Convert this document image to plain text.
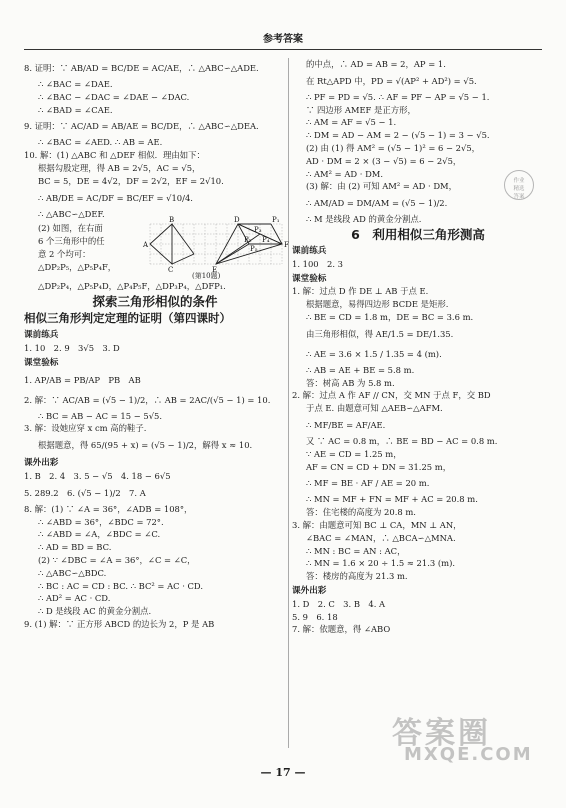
参考答案
8. 证明：∵ AB/AD = BC/DE = AC/AE，∴ △ABC∽△ADE.
∴ ∠BAC = ∠DAE.
∴ ∠BAC − ∠DAC = ∠DAE − ∠DAC.
∴ ∠BAD = ∠CAE.
9. 证明：∵ AC/AD = AB/AE = BC/DE，∴ △ABC∽△DEA.
∴ ∠BAC = ∠AED. ∴ AB = AE.
10. 解：(1) △ABC 和 △DEF 相似．理由如下：
根据勾股定理，得 AB = 2√5，AC = √5，
BC = 5，DE = 4√2，DF = 2√2，EF = 2√10.
∴ AB/DE = AC/DF = BC/EF = √10/4.
∴ △ABC∽△DEF.
(2) 如图，在右面
6 个三角形中的任
意 2 个均可：
△DP₂P₅，△P₅P₄F，
B
A
C
D
E
F
P₁
P₂
P₃
P₄
P₅
(第10题)
△DP₂P₄，△P₅P₄D，△P₄P₅F，△DP₃P₄，△DFP₁.
探索三角形相似的条件
相似三角形判定定理的证明（第四课时）
课前练兵
1. 10　2. 9　3√5　3. D
课堂验标
1. AP/AB = PB/AP　PB　AB
2. 解：∵ AC/AB = (√5 − 1)/2，∴ AB = 2AC/(√5 − 1) = 10.
∴ BC = AB − AC = 15 − 5√5.
3. 解：设她应穿 x cm 高的鞋子.
根据题意，得 65/(95 + x) = (√5 − 1)/2，解得 x ≈ 10.
课外出彩
1. B　2. 4　3. 5 − √5　4. 18 − 6√5
5. 289.2　6. (√5 − 1)/2　7. A
8. 解：(1) ∵ ∠A = 36°，∠ADB = 108°，
∴ ∠ABD = 36°，∠BDC = 72°.
∴ ∠ABD = ∠A，∠BDC = ∠C.
∴ AD = BD = BC.
(2) ∵ ∠DBC = ∠A = 36°，∠C = ∠C，
∴ △ABC∽△BDC.
∴ BC : AC = CD : BC. ∴ BC² = AC · CD.
∴ AD² = AC · CD.
∴ D 是线段 AC 的黄金分割点.
9. (1) 解：∵ 正方形 ABCD 的边长为 2，P 是 AB
的中点，∴ AD = AB = 2，AP = 1.
在 Rt△APD 中，PD = √(AP² + AD²) = √5.
∴ PF = PD = √5. ∴ AF = PF − AP = √5 − 1.
∵ 四边形 AMEF 是正方形，
∴ AM = AF = √5 − 1.
∴ DM = AD − AM = 2 − (√5 − 1) = 3 − √5.
(2) 由 (1) 得 AM² = (√5 − 1)² = 6 − 2√5，
AD · DM = 2 × (3 − √5) = 6 − 2√5，
∴ AM² = AD · DM.
(3) 解：由 (2) 可知 AM² = AD · DM，
∴ AM/AD = DM/AM = (√5 − 1)/2.
∴ M 是线段 AD 的黄金分割点.
6　利用相似三角形测高
课前练兵
1. 100　2. 3
课堂验标
1. 解：过点 D 作 DE ⊥ AB 于点 E.
根据题意，易得四边形 BCDE 是矩形.
∴ BE = CD = 1.8 m，DE = BC = 3.6 m.
由三角形相似，得 AE/1.5 = DE/1.35.
∴ AE = 3.6 × 1.5 / 1.35 = 4 (m).
∴ AB = AE + BE = 5.8 m.
答：树高 AB 为 5.8 m.
2. 解：过点 A 作 AF // CN，交 MN 于点 F，交 BD
于点 E. 由题意可知 △AEB∽△AFM.
∴ MF/BE = AF/AE.
又 ∵ AC = 0.8 m，∴ BE = BD − AC = 0.8 m.
∵ AE = CD = 1.25 m，
AF = CN = CD + DN = 31.25 m，
∴ MF = BE · AF / AE = 20 m.
∴ MN = MF + FN = MF + AC = 20.8 m.
答：住宅楼的高度为 20.8 m.
3. 解：由题意可知 BC ⊥ CA，MN ⊥ AN，
∠BAC = ∠MAN，∴ △BCA∽△MNA.
∴ MN : BC = AN : AC，
∴ MN = 1.6 × 20 ÷ 1.5 ≈ 21.3 (m).
答：楼房的高度为 21.3 m.
课外出彩
1. D　2. C　3. B　4. A
5. 9　6. 18
7. 解：依题意，得 ∠ABO
作业
精选
答案
答案圈
MXQE.COM
— 17 —
